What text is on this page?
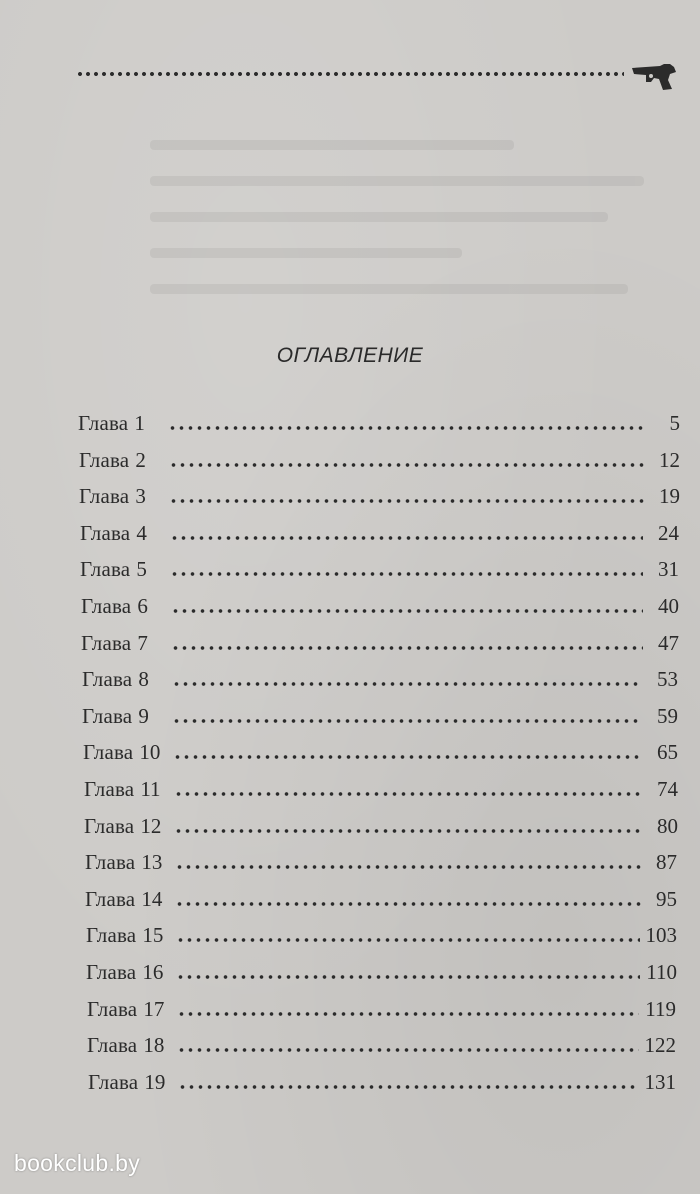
ОГЛАВЛЕНИЕ
Глава 1	5
Глава 2	12
Глава 3	19
Глава 4	24
Глава 5	31
Глава 6	40
Глава 7	47
Глава 8	53
Глава 9	59
Глава 10	65
Глава 11	74
Глава 12	80
Глава 13	87
Глава 14	95
Глава 15	103
Глава 16	110
Глава 17	119
Глава 18	122
Глава 19	131
bookclub.by
